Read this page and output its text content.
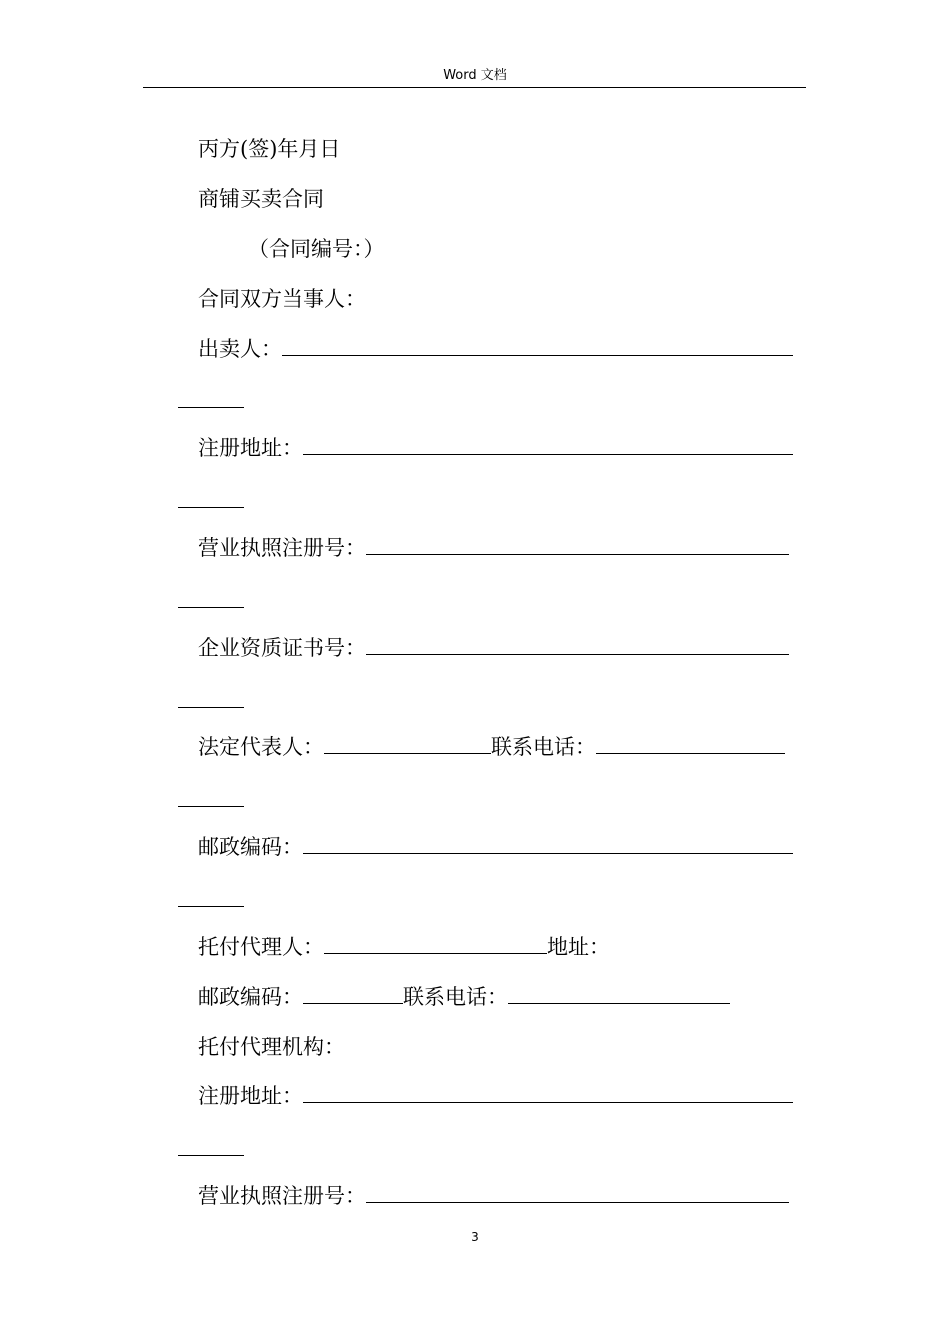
Word 文档
丙方(签)年月日
商铺买卖合同
（合同编号：）
合同双方当事人：
出卖人：
注册地址：
营业执照注册号：
企业资质证书号：
法定代表人：	联系电话：
邮政编码：
托付代理人：	地址：
邮政编码：	联系电话：
托付代理机构：
注册地址：
营业执照注册号：
3
